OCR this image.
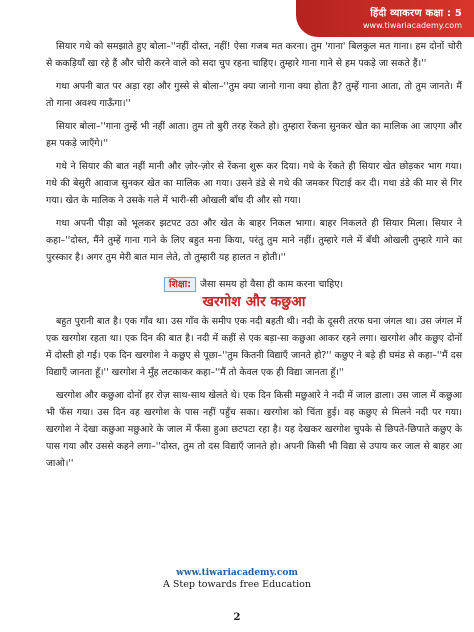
हिंदी व्याकरण कक्षा : 5
www.tiwariacademy.com

सियार गधे को समझाते हुए बोला–''नहीं दोस्त, नहीं! ऐसा गजब मत करना। तुम 'गाना' बिलकुल मत गाना। हम दोनों चोरी से ककड़ियाँ खा रहे हैं और चोरी करने वाले को सदा चुप रहना चाहिए। तुम्हारे गाना गाने से हम पकड़े जा सकते हैं।''

गधा अपनी बात पर अड़ा रहा और गुस्से से बोला–''तुम क्या जानो गाना क्या होता है? तुम्हें गाना आता, तो तुम जानते। मैं तो गाना अवश्य गाऊँगा।''

सियार बोला–''गाना तुम्हें भी नहीं आता। तुम तो बुरी तरह रेंकते हो। तुम्हारा रेंकना सुनकर खेत का मालिक आ जाएगा और हम पकड़े जाएँगे।''

गधे ने सियार की बात नहीं मानी और ज़ोर-ज़ोर से रेंकना शुरू कर दिया। गधे के रेंकते ही सियार खेत छोड़कर भाग गया। गधे की बेसुरी आवाज सुनकर खेत का मालिक आ गया। उसने डंडे से गधे की जमकर पिटाई कर दी। गधा डंडे की मार से गिर गया। खेत के मालिक ने उसके गले में भारी-सी ओखली बाँध दी और सो गया।

गधा अपनी पीड़ा को भूलकर झटपट उठा और खेत के बाहर निकल भागा। बाहर निकलते ही सियार मिला। सियार ने कहा–''दोस्त, मैंने तुम्हें गाना गाने के लिए बहुत मना किया, परंतु तुम माने नहीं। तुम्हारे गले में बँधी ओखली तुम्हारे गाने का पुरस्कार है। अगर तुम मेरी बात मान लेते, तो तुम्हारी यह हालत न होती।''

शिक्षा: जैसा समय हो वैसा ही काम करना चाहिए।
खरगोश और कछुआ

बहुत पुरानी बात है। एक गाँव था। उस गाँव के समीप एक नदी बहती थी। नदी के दूसरी तरफ घना जंगल था। उस जंगल में एक खरगोश रहता था। एक दिन की बात है। नदी में कहीं से एक बड़ा-सा कछुआ आकर रहने लगा। खरगोश और कछुए दोनों में दोस्ती हो गई। एक दिन खरगोश ने कछुए से पूछा–''तुम कितनी विद्याएँ जानते हो?'' कछुए ने बड़े ही घमंड से कहा–''मैं दस विद्याएँ जानता हूँ।'' खरगोश ने मुँह लटकाकर कहा–''मैं तो केवल एक ही विद्या जानता हूँ।''

खरगोश और कछुआ दोनों हर रोज़ साथ-साथ खेलते थे। एक दिन किसी मछुआरे ने नदी में जाल डाला। उस जाल में कछुआ भी फँस गया। उस दिन वह खरगोश के पास नहीं पहुँच सका। खरगोश को चिंता हुई। वह कछुए से मिलने नदी पर गया। खरगोश ने देखा कछुआ मछुआरे के जाल में फँसा हुआ छटपटा रहा है। यह देखकर खरगोश चुपके से छिपते-छिपाते कछुए के पास गया और उससे कहने लगा–''दोस्त, तुम तो दस विद्याएँ जानते हो। अपनी किसी भी विद्या से उपाय कर जाल से बाहर आ जाओ।''

www.tiwariacademy.com
A Step towards free Education
2
